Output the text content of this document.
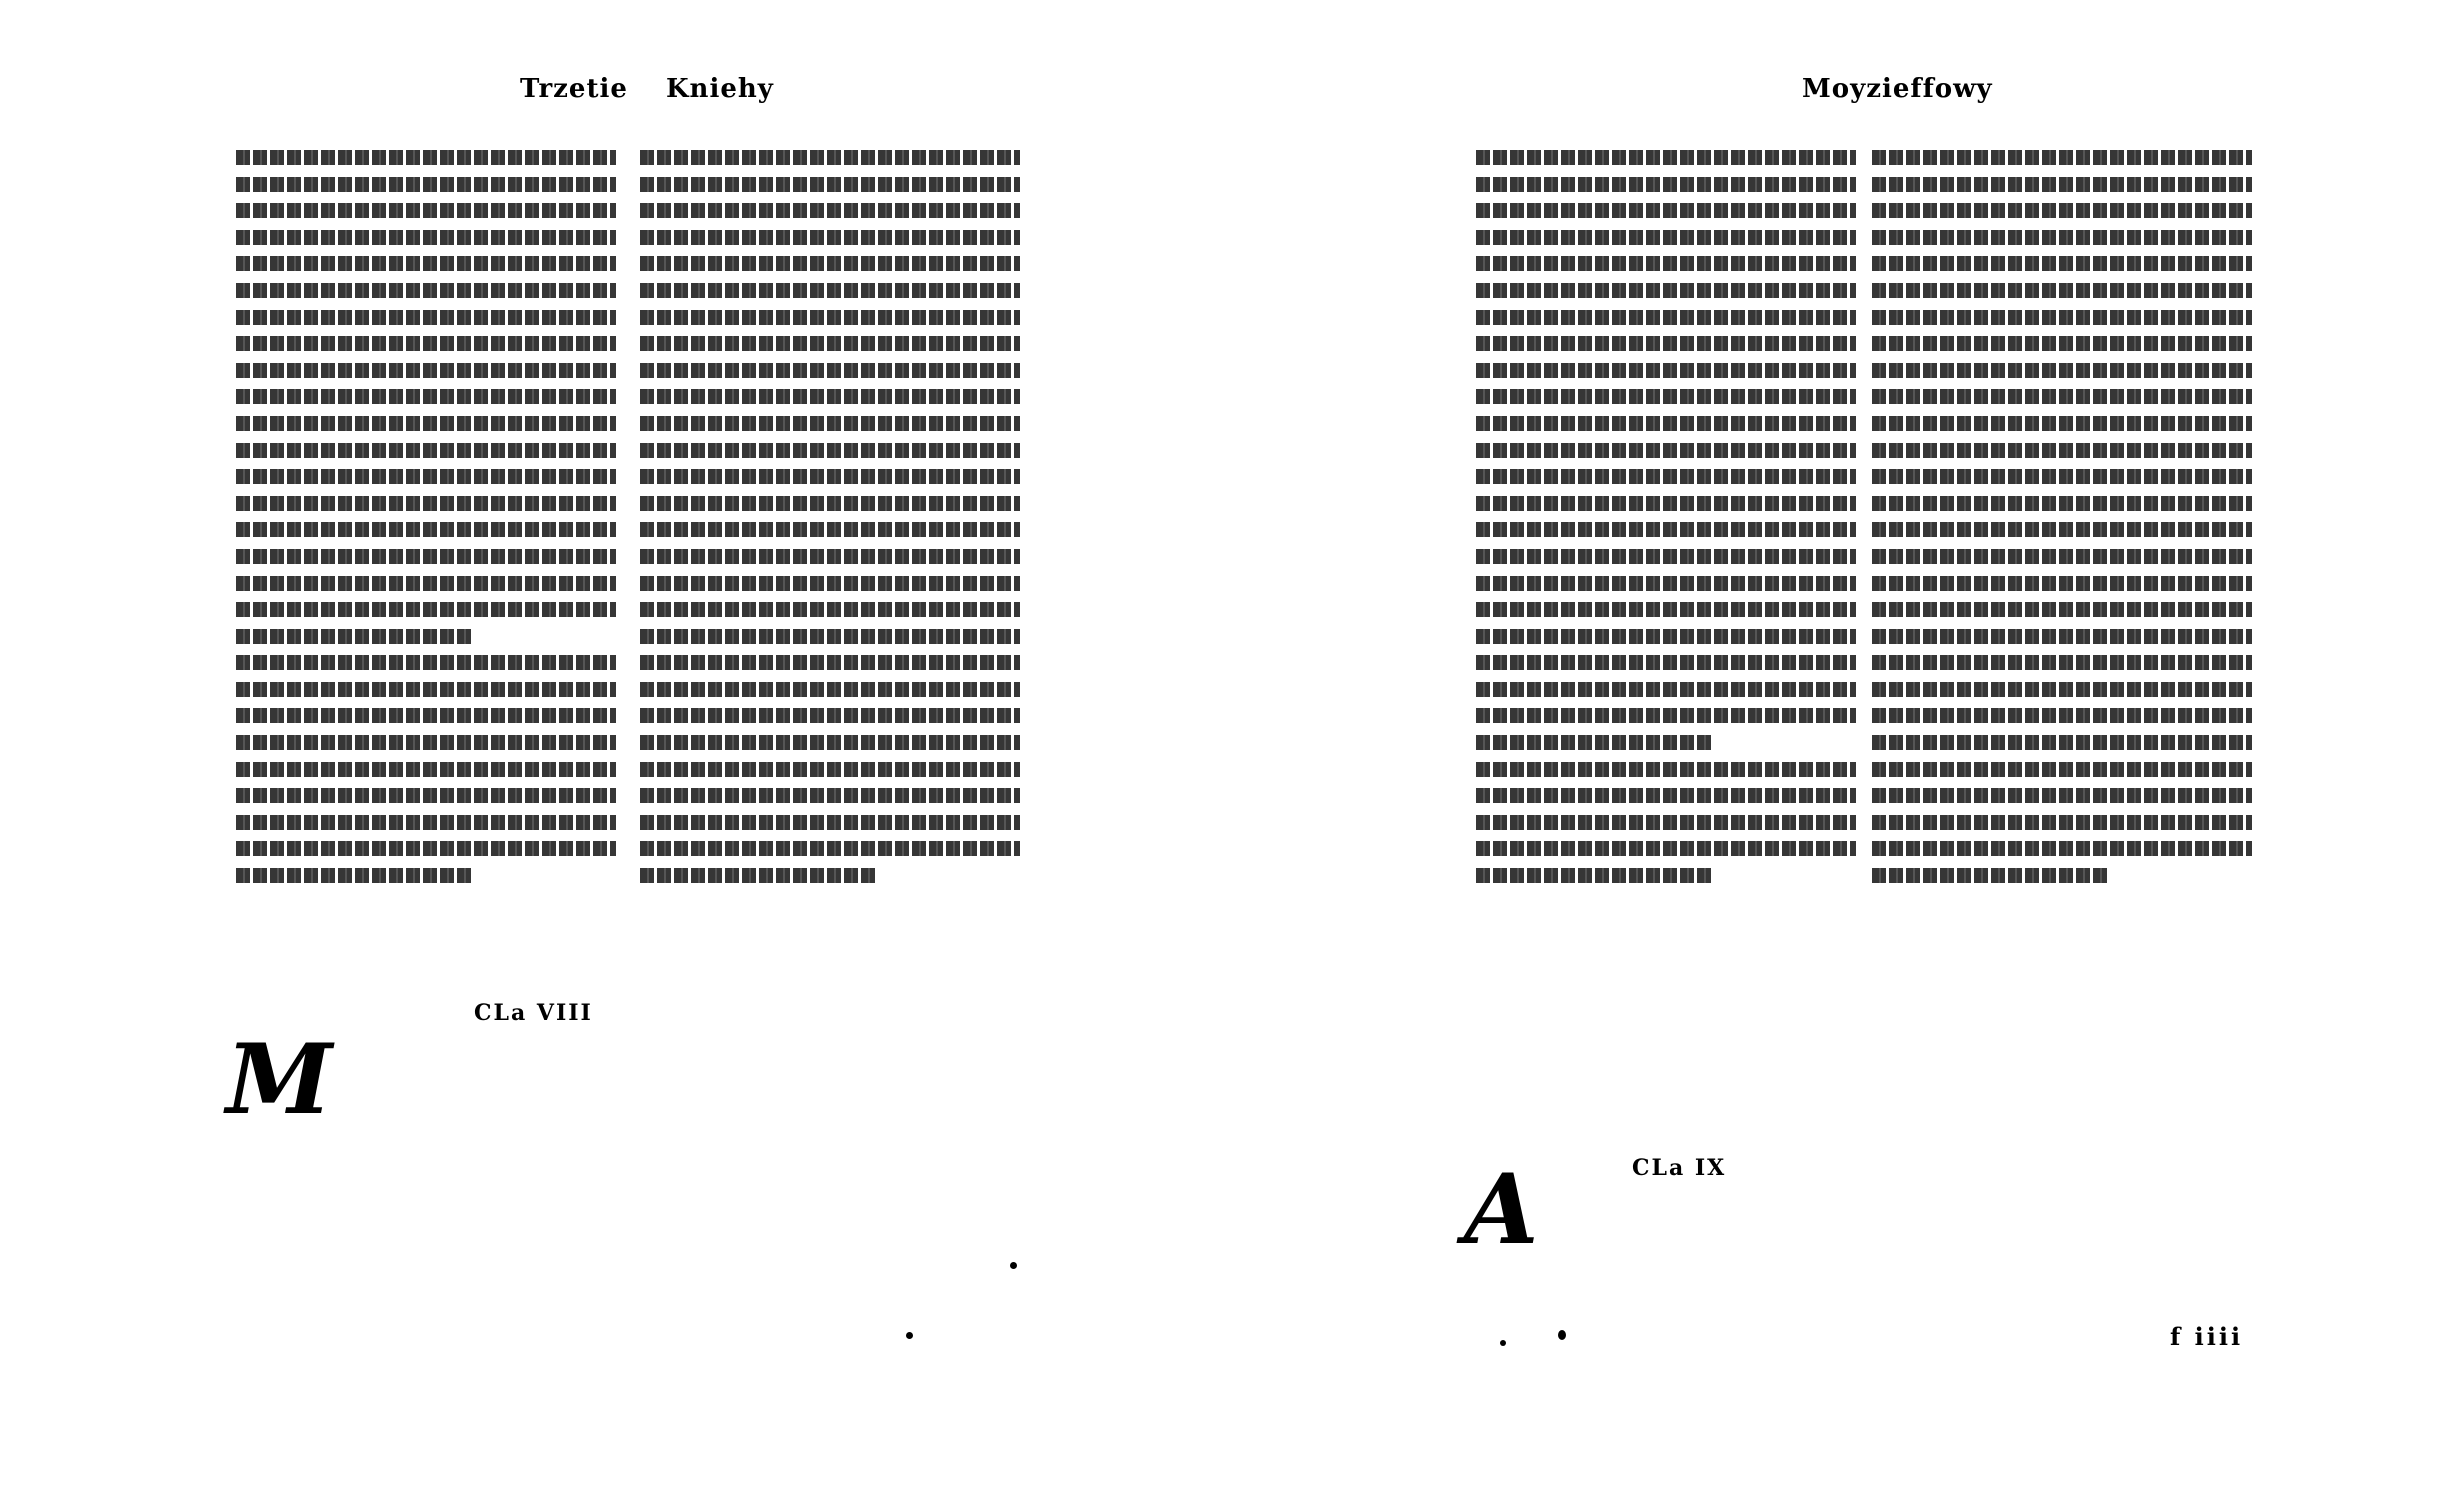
Trzetie Kniehy
CLa VIII
M
Moyzieffowy
CLa IX
A
f iiii
